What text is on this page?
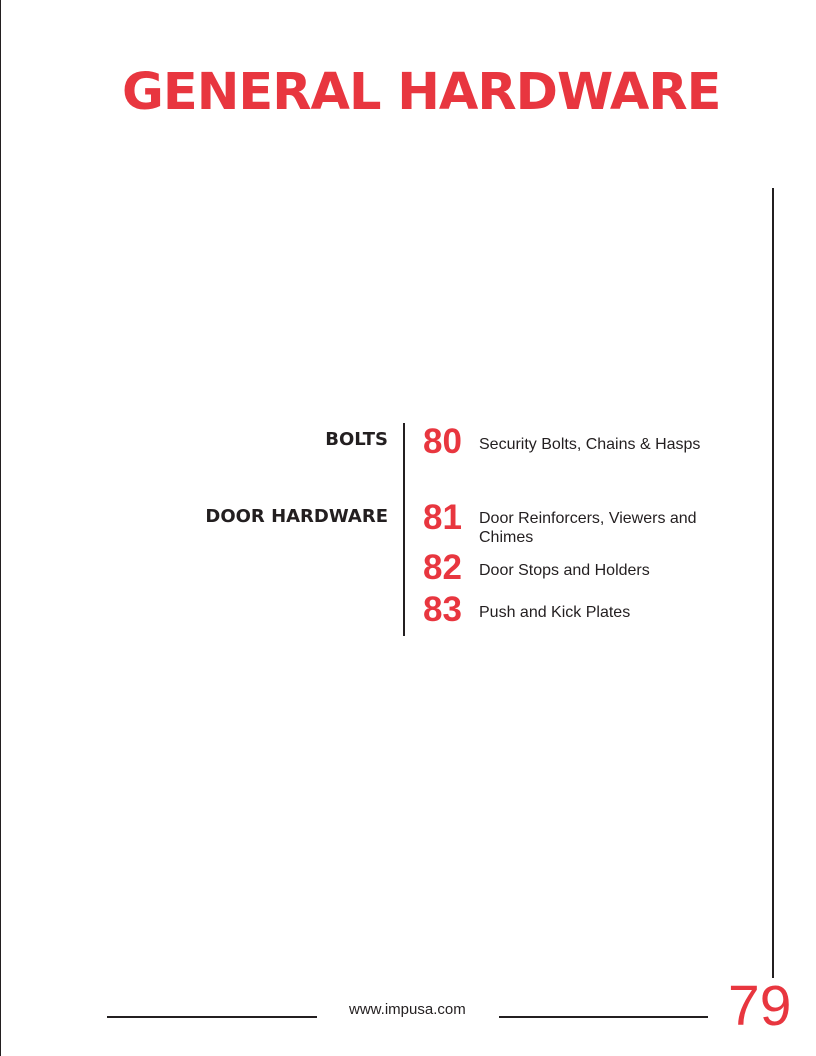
GENERAL HARDWARE
BOLTS 80	Security Bolts, Chains & Hasps
DOOR HARDWARE 81	Door Reinforcers, Viewers and Chimes
82	Door Stops and Holders
83	Push and Kick Plates
www.impusa.com	79
